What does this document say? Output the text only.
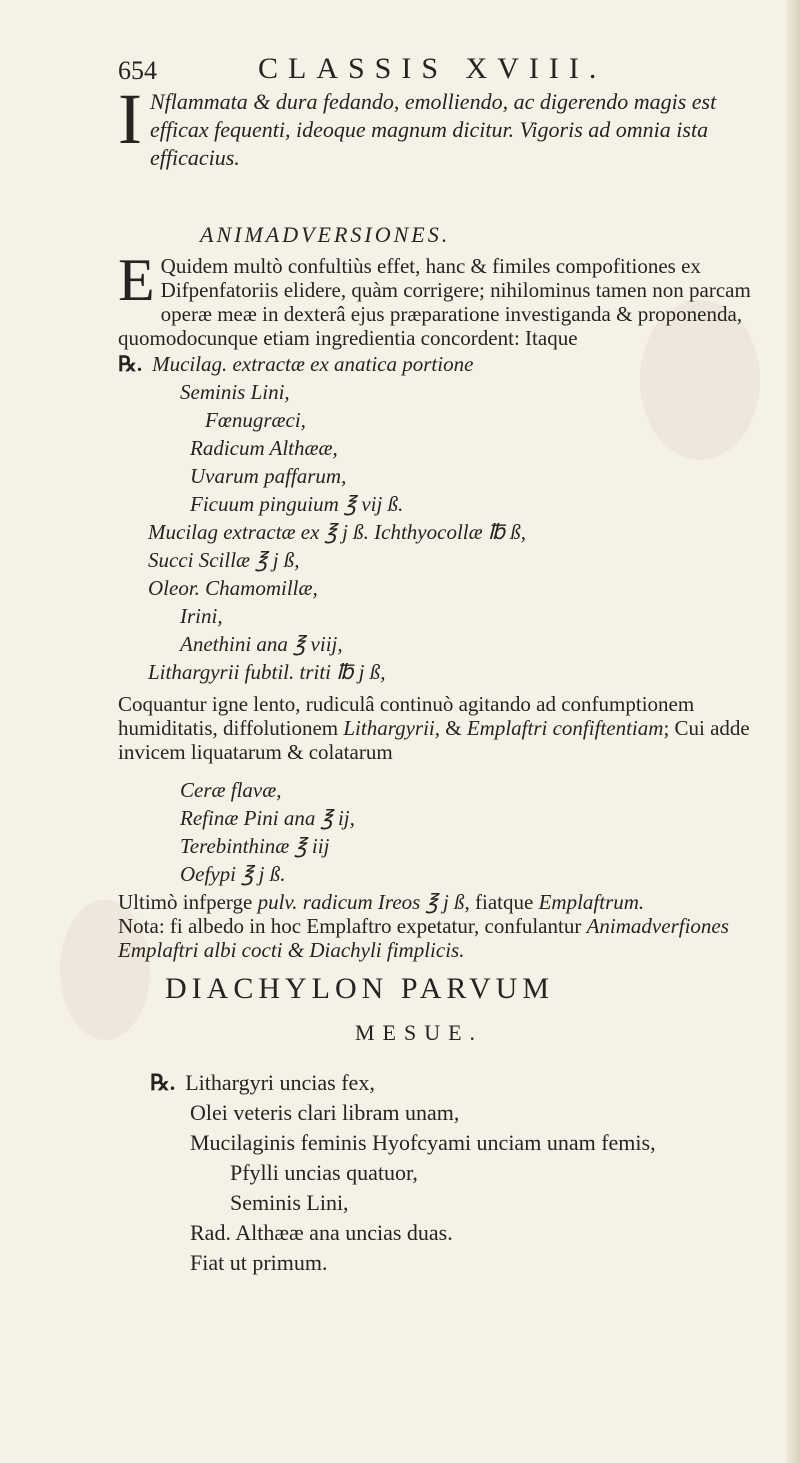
654	CLASSIS XVIII.
I Nflammata & dura fedando, emolliendo, ac digerendo magis est efficax fequenti, ideoque magnum dicitur. Vigoris ad omnia ista efficacius.
ANIMADVERSIONES.
E Quidem multò confultiùs effet, hanc & fimiles compofitiones ex Difpenfatoriis elidere, quàm corrigere; nihilominus tamen non parcam operæ meæ in dexterâ ejus præparatione investiganda & proponenda, quomodocunque etiam ingredientia concordent: Itaque
℞. Mucilag. extractæ ex anatica portione
Seminis Lini,
Fœnugræci,
Radicum Althææ,
Uvarum paffarum,
Ficuum pinguium ℥ vij ß.
Mucilag extractæ ex ℥ j ß. Ichthyocollæ ℔ ß,
Succi Scillæ ℥ j ß,
Oleor. Chamomillæ,
Irini,
Anethini ana ℥ viij,
Lithargyrii fubtil. triti ℔ j ß,
Coquantur igne lento, rudiculâ continuò agitando ad confumptionem humiditatis, diffolutionem Lithargyrii, & Emplaftri confiftentiam; Cui adde invicem liquatarum & colatarum
Ceræ flavæ,
Refinæ Pini ana ℥ ij,
Terebinthinæ ℥ iij
Oefypi ℥ j ß.
Ultimò infperge pulv. radicum Ireos ℥ j ß, fiatque Emplaftrum.
Nota: fi albedo in hoc Emplaftro expetatur, confulantur Animadverfiones Emplaftri albi cocti & Diachyli fimplicis.
DIACHYLON PARVUM
MESUE.
℞. Lithargyri uncias fex,
Olei veteris clari libram unam,
Mucilaginis feminis Hyofcyami unciam unam femis,
Pfylli uncias quatuor,
Seminis Lini,
Rad. Althææ ana uncias duas.
Fiat ut primum.
